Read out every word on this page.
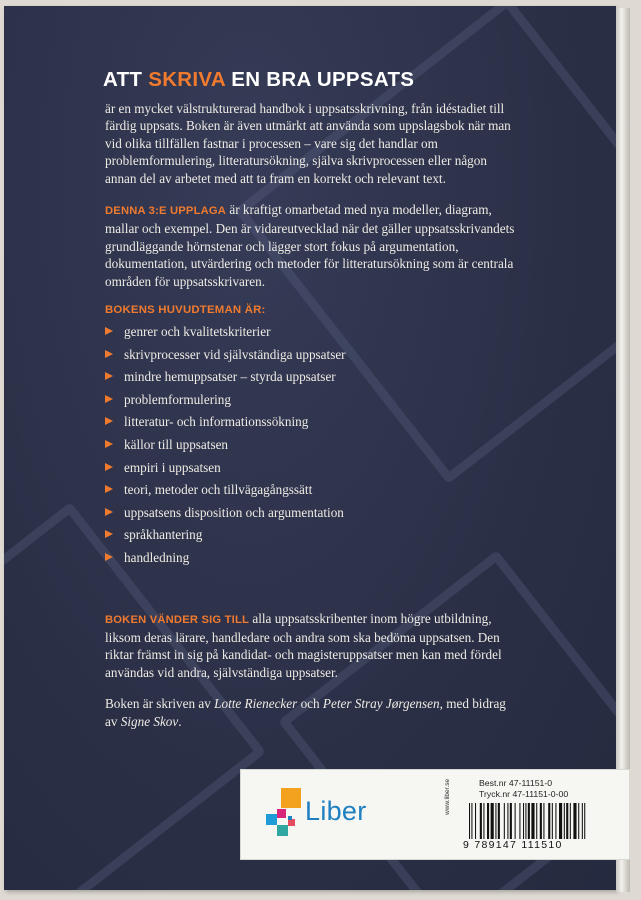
ATT SKRIVA EN BRA UPPSATS

är en mycket välstrukturerad handbok i uppsatsskrivning, från idéstadiet till färdig uppsats. Boken är även utmärkt att använda som uppslagsbok när man vid olika tillfällen fastnar i processen – vare sig det handlar om problemformulering, litteratursökning, själva skrivprocessen eller någon annan del av arbetet med att ta fram en korrekt och relevant text.

DENNA 3:E UPPLAGA är kraftigt omarbetad med nya modeller, diagram, mallar och exempel. Den är vidareutvecklad när det gäller uppsatsskrivandets grundläggande hörnstenar och lägger stort fokus på argumentation, dokumentation, utvärdering och metoder för litteratursökning som är centrala områden för uppsatsskrivaren.

BOKENS HUVUDTEMAN ÄR:
genrer och kvalitetskriterier
skrivprocesser vid självständiga uppsatser
mindre hemuppsatser – styrda uppsatser
problemformulering
litteratur- och informationssökning
källor till uppsatsen
empiri i uppsatsen
teori, metoder och tillvägagångssätt
uppsatsens disposition och argumentation
språkhantering
handledning

BOKEN VÄNDER SIG TILL alla uppsatsskribenter inom högre utbildning, liksom deras lärare, handledare och andra som ska bedöma uppsatsen. Den riktar främst in sig på kandidat- och magisteruppsatser men kan med fördel användas vid andra, självständiga uppsatser.

Boken är skriven av Lotte Rienecker och Peter Stray Jørgensen, med bidrag av Signe Skov.

Liber	www.liber.se	Best.nr 47-11151-0
Tryck.nr 47-11151-0-00
9 789147 111510
